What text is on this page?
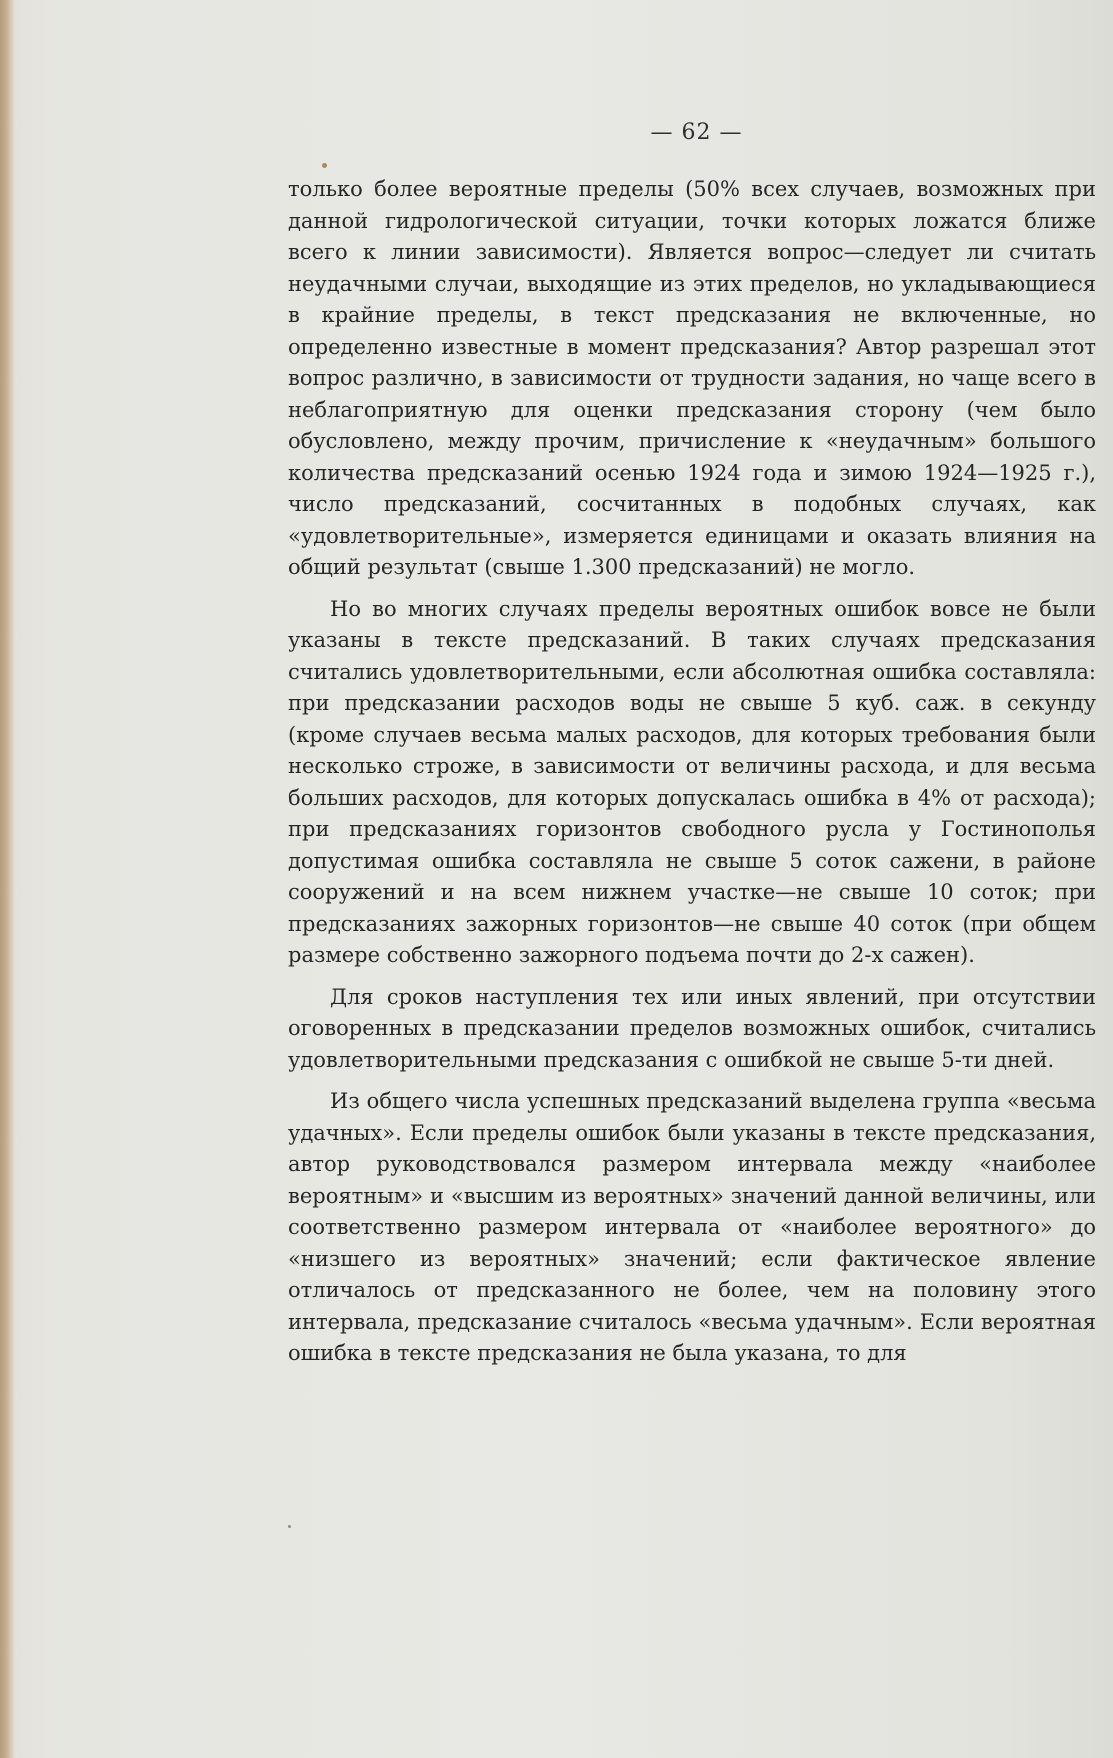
— 62 —

только более вероятные пределы (50% всех случаев, возможных при данной гидрологической ситуации, точки которых ложатся ближе всего к линии зависимости). Является вопрос—следует ли считать неудачными случаи, выходящие из этих пределов, но укладывающиеся в крайние пределы, в текст предсказания не включенные, но определенно известные в момент предсказания? Автор разрешал этот вопрос различно, в зависимости от трудности задания, но чаще всего в неблагоприятную для оценки предсказания сторону (чем было обусловлено, между прочим, причисление к «неудачным» большого количества предсказаний осенью 1924 года и зимою 1924—1925 г.), число предсказаний, сосчитанных в подобных случаях, как «удовлетворительные», измеряется единицами и оказать влияния на общий результат (свыше 1.300 предсказаний) не могло.

Но во многих случаях пределы вероятных ошибок вовсе не были указаны в тексте предсказаний. В таких случаях предсказания считались удовлетворительными, если абсолютная ошибка составляла: при предсказании расходов воды не свыше 5 куб. саж. в секунду (кроме случаев весьма малых расходов, для которых требования были несколько строже, в зависимости от величины расхода, и для весьма больших расходов, для которых допускалась ошибка в 4% от расхода); при предсказаниях горизонтов свободного русла у Гостинополья допустимая ошибка составляла не свыше 5 соток сажени, в районе сооружений и на всем нижнем участке—не свыше 10 соток; при предсказаниях зажорных горизонтов—не свыше 40 соток (при общем размере собственно зажорного подъема почти до 2-х сажен).

Для сроков наступления тех или иных явлений, при отсутствии оговоренных в предсказании пределов возможных ошибок, считались удовлетворительными предсказания с ошибкой не свыше 5-ти дней.

Из общего числа успешных предсказаний выделена группа «весьма удачных». Если пределы ошибок были указаны в тексте предсказания, автор руководствовался размером интервала между «наиболее вероятным» и «высшим из вероятных» значений данной величины, или соответственно размером интервала от «наиболее вероятного» до «низшего из вероятных» значений; если фактическое явление отличалось от предсказанного не более, чем на половину этого интервала, предсказание считалось «весьма удачным». Если вероятная ошибка в тексте предсказания не была указана, то для
